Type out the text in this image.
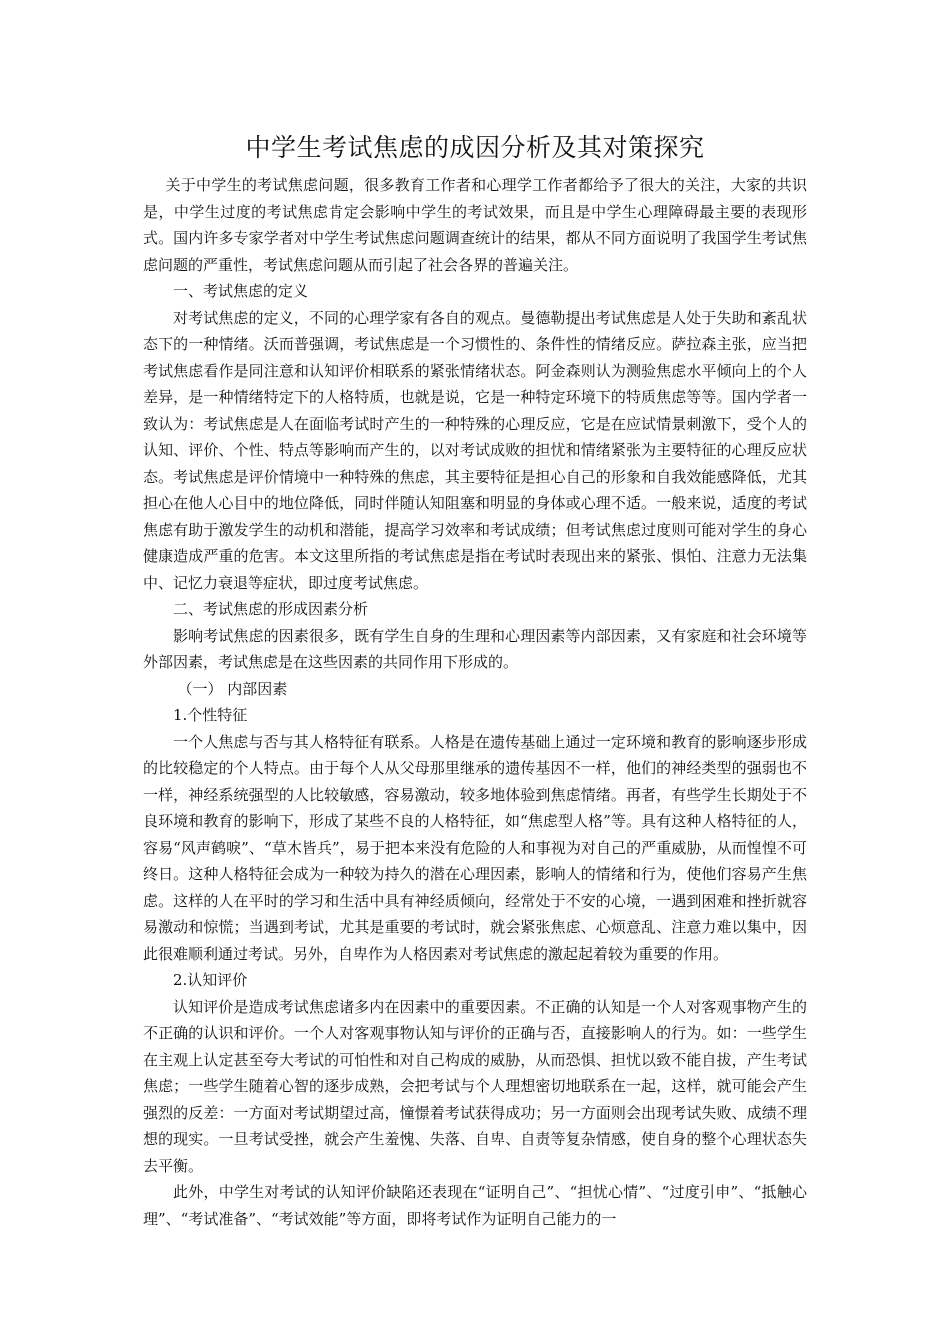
中学生考试焦虑的成因分析及其对策探究

关于中学生的考试焦虑问题，很多教育工作者和心理学工作者都给予了很大的关注，大家的共识是，中学生过度的考试焦虑肯定会影响中学生的考试效果，而且是中学生心理障碍最主要的表现形式。国内许多专家学者对中学生考试焦虑问题调查统计的结果，都从不同方面说明了我国学生考试焦虑问题的严重性，考试焦虑问题从而引起了社会各界的普遍关注。

一、考试焦虑的定义

对考试焦虑的定义，不同的心理学家有各自的观点。曼德勒提出考试焦虑是人处于失助和紊乱状态下的一种情绪。沃而普强调，考试焦虑是一个习惯性的、条件性的情绪反应。萨拉森主张，应当把考试焦虑看作是同注意和认知评价相联系的紧张情绪状态。阿金森则认为测验焦虑水平倾向上的个人差异，是一种情绪特定下的人格特质，也就是说，它是一种特定环境下的特质焦虑等等。国内学者一致认为：考试焦虑是人在面临考试时产生的一种特殊的心理反应，它是在应试情景刺激下，受个人的认知、评价、个性、特点等影响而产生的，以对考试成败的担忧和情绪紧张为主要特征的心理反应状态。考试焦虑是评价情境中一种特殊的焦虑，其主要特征是担心自己的形象和自我效能感降低，尤其担心在他人心目中的地位降低，同时伴随认知阻塞和明显的身体或心理不适。一般来说，适度的考试焦虑有助于激发学生的动机和潜能，提高学习效率和考试成绩；但考试焦虑过度则可能对学生的身心健康造成严重的危害。本文这里所指的考试焦虑是指在考试时表现出来的紧张、惧怕、注意力无法集中、记忆力衰退等症状，即过度考试焦虑。

二、考试焦虑的形成因素分析

影响考试焦虑的因素很多，既有学生自身的生理和心理因素等内部因素，又有家庭和社会环境等外部因素，考试焦虑是在这些因素的共同作用下形成的。

（一） 内部因素

1.个性特征

一个人焦虑与否与其人格特征有联系。人格是在遗传基础上通过一定环境和教育的影响逐步形成的比较稳定的个人特点。由于每个人从父母那里继承的遗传基因不一样，他们的神经类型的强弱也不一样，神经系统强型的人比较敏感，容易激动，较多地体验到焦虑情绪。再者，有些学生长期处于不良环境和教育的影响下，形成了某些不良的人格特征，如“焦虑型人格”等。具有这种人格特征的人，容易“风声鹤唳”、“草木皆兵”，易于把本来没有危险的人和事视为对自己的严重威胁，从而惶惶不可终日。这种人格特征会成为一种较为持久的潜在心理因素，影响人的情绪和行为，使他们容易产生焦虑。这样的人在平时的学习和生活中具有神经质倾向，经常处于不安的心境，一遇到困难和挫折就容易激动和惊慌；当遇到考试，尤其是重要的考试时，就会紧张焦虑、心烦意乱、注意力难以集中，因此很难顺利通过考试。另外，自卑作为人格因素对考试焦虑的激起起着较为重要的作用。

2.认知评价

认知评价是造成考试焦虑诸多内在因素中的重要因素。不正确的认知是一个人对客观事物产生的不正确的认识和评价。一个人对客观事物认知与评价的正确与否，直接影响人的行为。如：一些学生在主观上认定甚至夸大考试的可怕性和对自己构成的威胁，从而恐惧、担忧以致不能自拔，产生考试焦虑；一些学生随着心智的逐步成熟，会把考试与个人理想密切地联系在一起，这样，就可能会产生强烈的反差：一方面对考试期望过高，憧憬着考试获得成功；另一方面则会出现考试失败、成绩不理想的现实。一旦考试受挫，就会产生羞愧、失落、自卑、自责等复杂情感，使自身的整个心理状态失去平衡。

此外，中学生对考试的认知评价缺陷还表现在“证明自己”、“担忧心情”、“过度引申”、“抵触心理”、“考试准备”、“考试效能”等方面，即将考试作为证明自己能力的一
